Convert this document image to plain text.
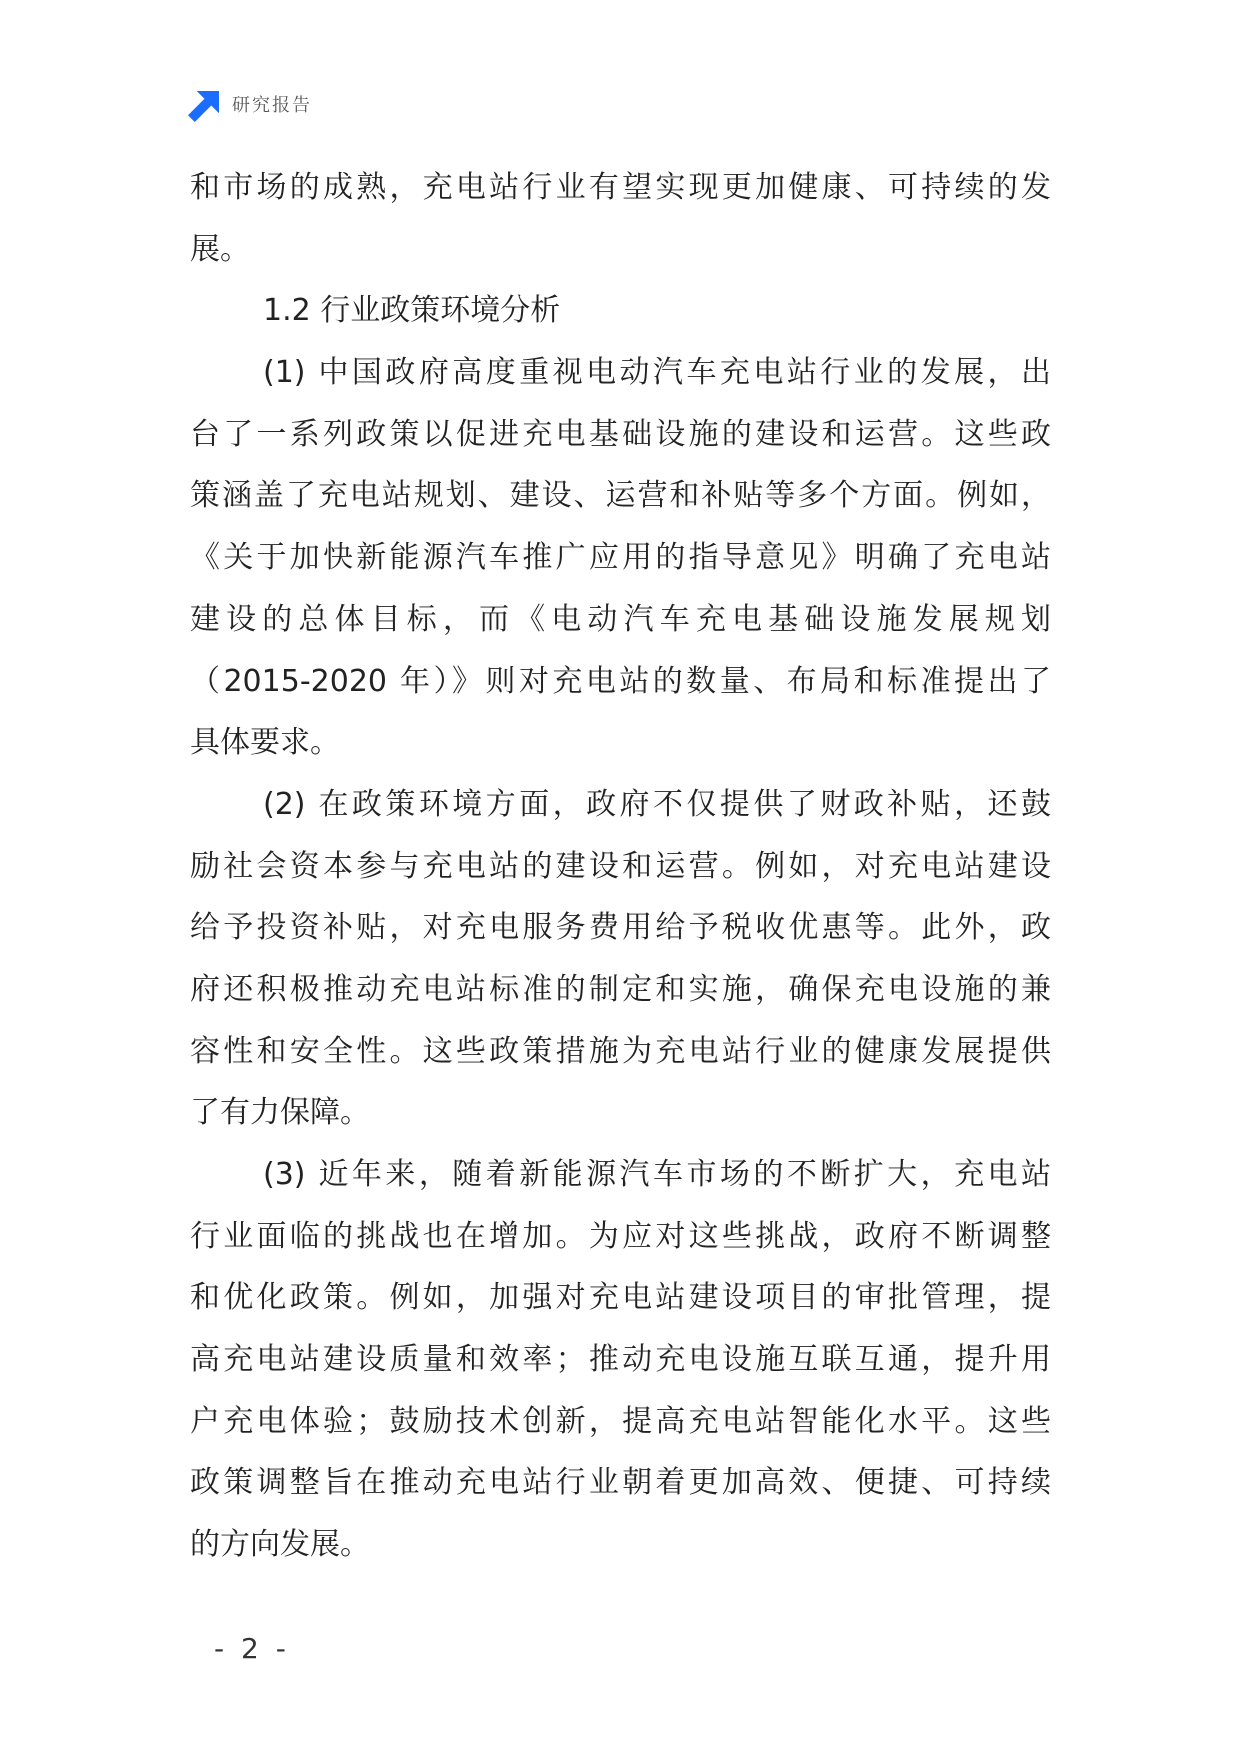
研究报告
和市场的成熟，充电站行业有望实现更加健康、可持续的发
展。
1.2 行业政策环境分析
(1) 中国政府高度重视电动汽车充电站行业的发展，出
台了一系列政策以促进充电基础设施的建设和运营。这些政
策涵盖了充电站规划、建设、运营和补贴等多个方面。例如，
《关于加快新能源汽车推广应用的指导意见》明确了充电站
建设的总体目标，而《电动汽车充电基础设施发展规划
（2015-2020 年）》则对充电站的数量、布局和标准提出了
具体要求。
(2) 在政策环境方面，政府不仅提供了财政补贴，还鼓
励社会资本参与充电站的建设和运营。例如，对充电站建设
给予投资补贴，对充电服务费用给予税收优惠等。此外，政
府还积极推动充电站标准的制定和实施，确保充电设施的兼
容性和安全性。这些政策措施为充电站行业的健康发展提供
了有力保障。
(3) 近年来，随着新能源汽车市场的不断扩大，充电站
行业面临的挑战也在增加。为应对这些挑战，政府不断调整
和优化政策。例如，加强对充电站建设项目的审批管理，提
高充电站建设质量和效率；推动充电设施互联互通，提升用
户充电体验；鼓励技术创新，提高充电站智能化水平。这些
政策调整旨在推动充电站行业朝着更加高效、便捷、可持续
的方向发展。
- 2 -
